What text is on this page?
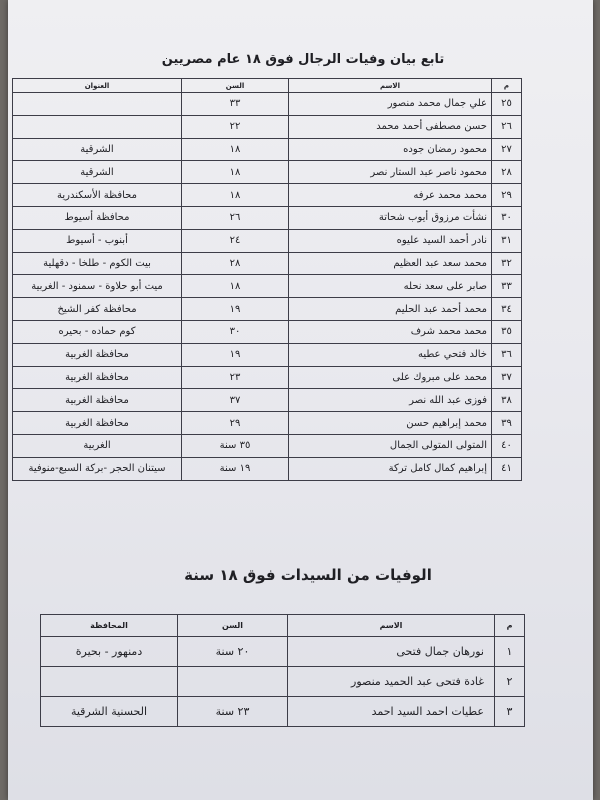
تابع بيان وفيات الرجال فوق ١٨ عام مصريين
م	الاسم	السن	العنوان
٢٥	علي جمال محمد منصور	٣٣	
٢٦	حسن مصطفى أحمد محمد	٢٢	
٢٧	محمود رمضان جوده	١٨	الشرقية
٢٨	محمود ناصر عبد الستار نصر	١٨	الشرقية
٢٩	محمد محمد عرفه	١٨	محافظة الأسكندرية
٣٠	نشأت مرزوق أيوب شحاتة	٢٦	محافظة أسيوط
٣١	نادر أحمد السيد عليوه	٢٤	أبنوب - أسيوط
٣٢	محمد سعد عبد العظيم	٢٨	بيت الكوم - طلخا - دقهلية
٣٣	صابر على سعد نحله	١٨	ميت أبو حلاوة - سمنود - الغربية
٣٤	محمد أحمد عبد الحليم	١٩	محافظة كفر الشيخ
٣٥	محمد محمد شرف	٣٠	كوم حماده - بحيره
٣٦	خالد فتحي عطيه	١٩	محافظة الغربية
٣٧	محمد على مبروك على	٢٣	محافظة الغربية
٣٨	فوزى عبد الله نصر	٣٧	محافظة الغربية
٣٩	محمد إبراهيم حسن	٢٩	محافظة الغربية
٤٠	المتولى المتولى الجمال	٣٥ سنة	الغربية
٤١	إبراهيم كمال كامل تركة	١٩ سنة	سيتنان الحجر -بركة السبع-منوفية
الوفيات من السيدات فوق ١٨ سنة
م	الاسم	السن	المحافظة
١	نورهان جمال فتحى	٢٠ سنة	دمنهور - بحيرة
٢	غادة فتحى عبد الحميد منصور		
٣	عطيات احمد السيد احمد	٢٣ سنة	الحسنية الشرقية
